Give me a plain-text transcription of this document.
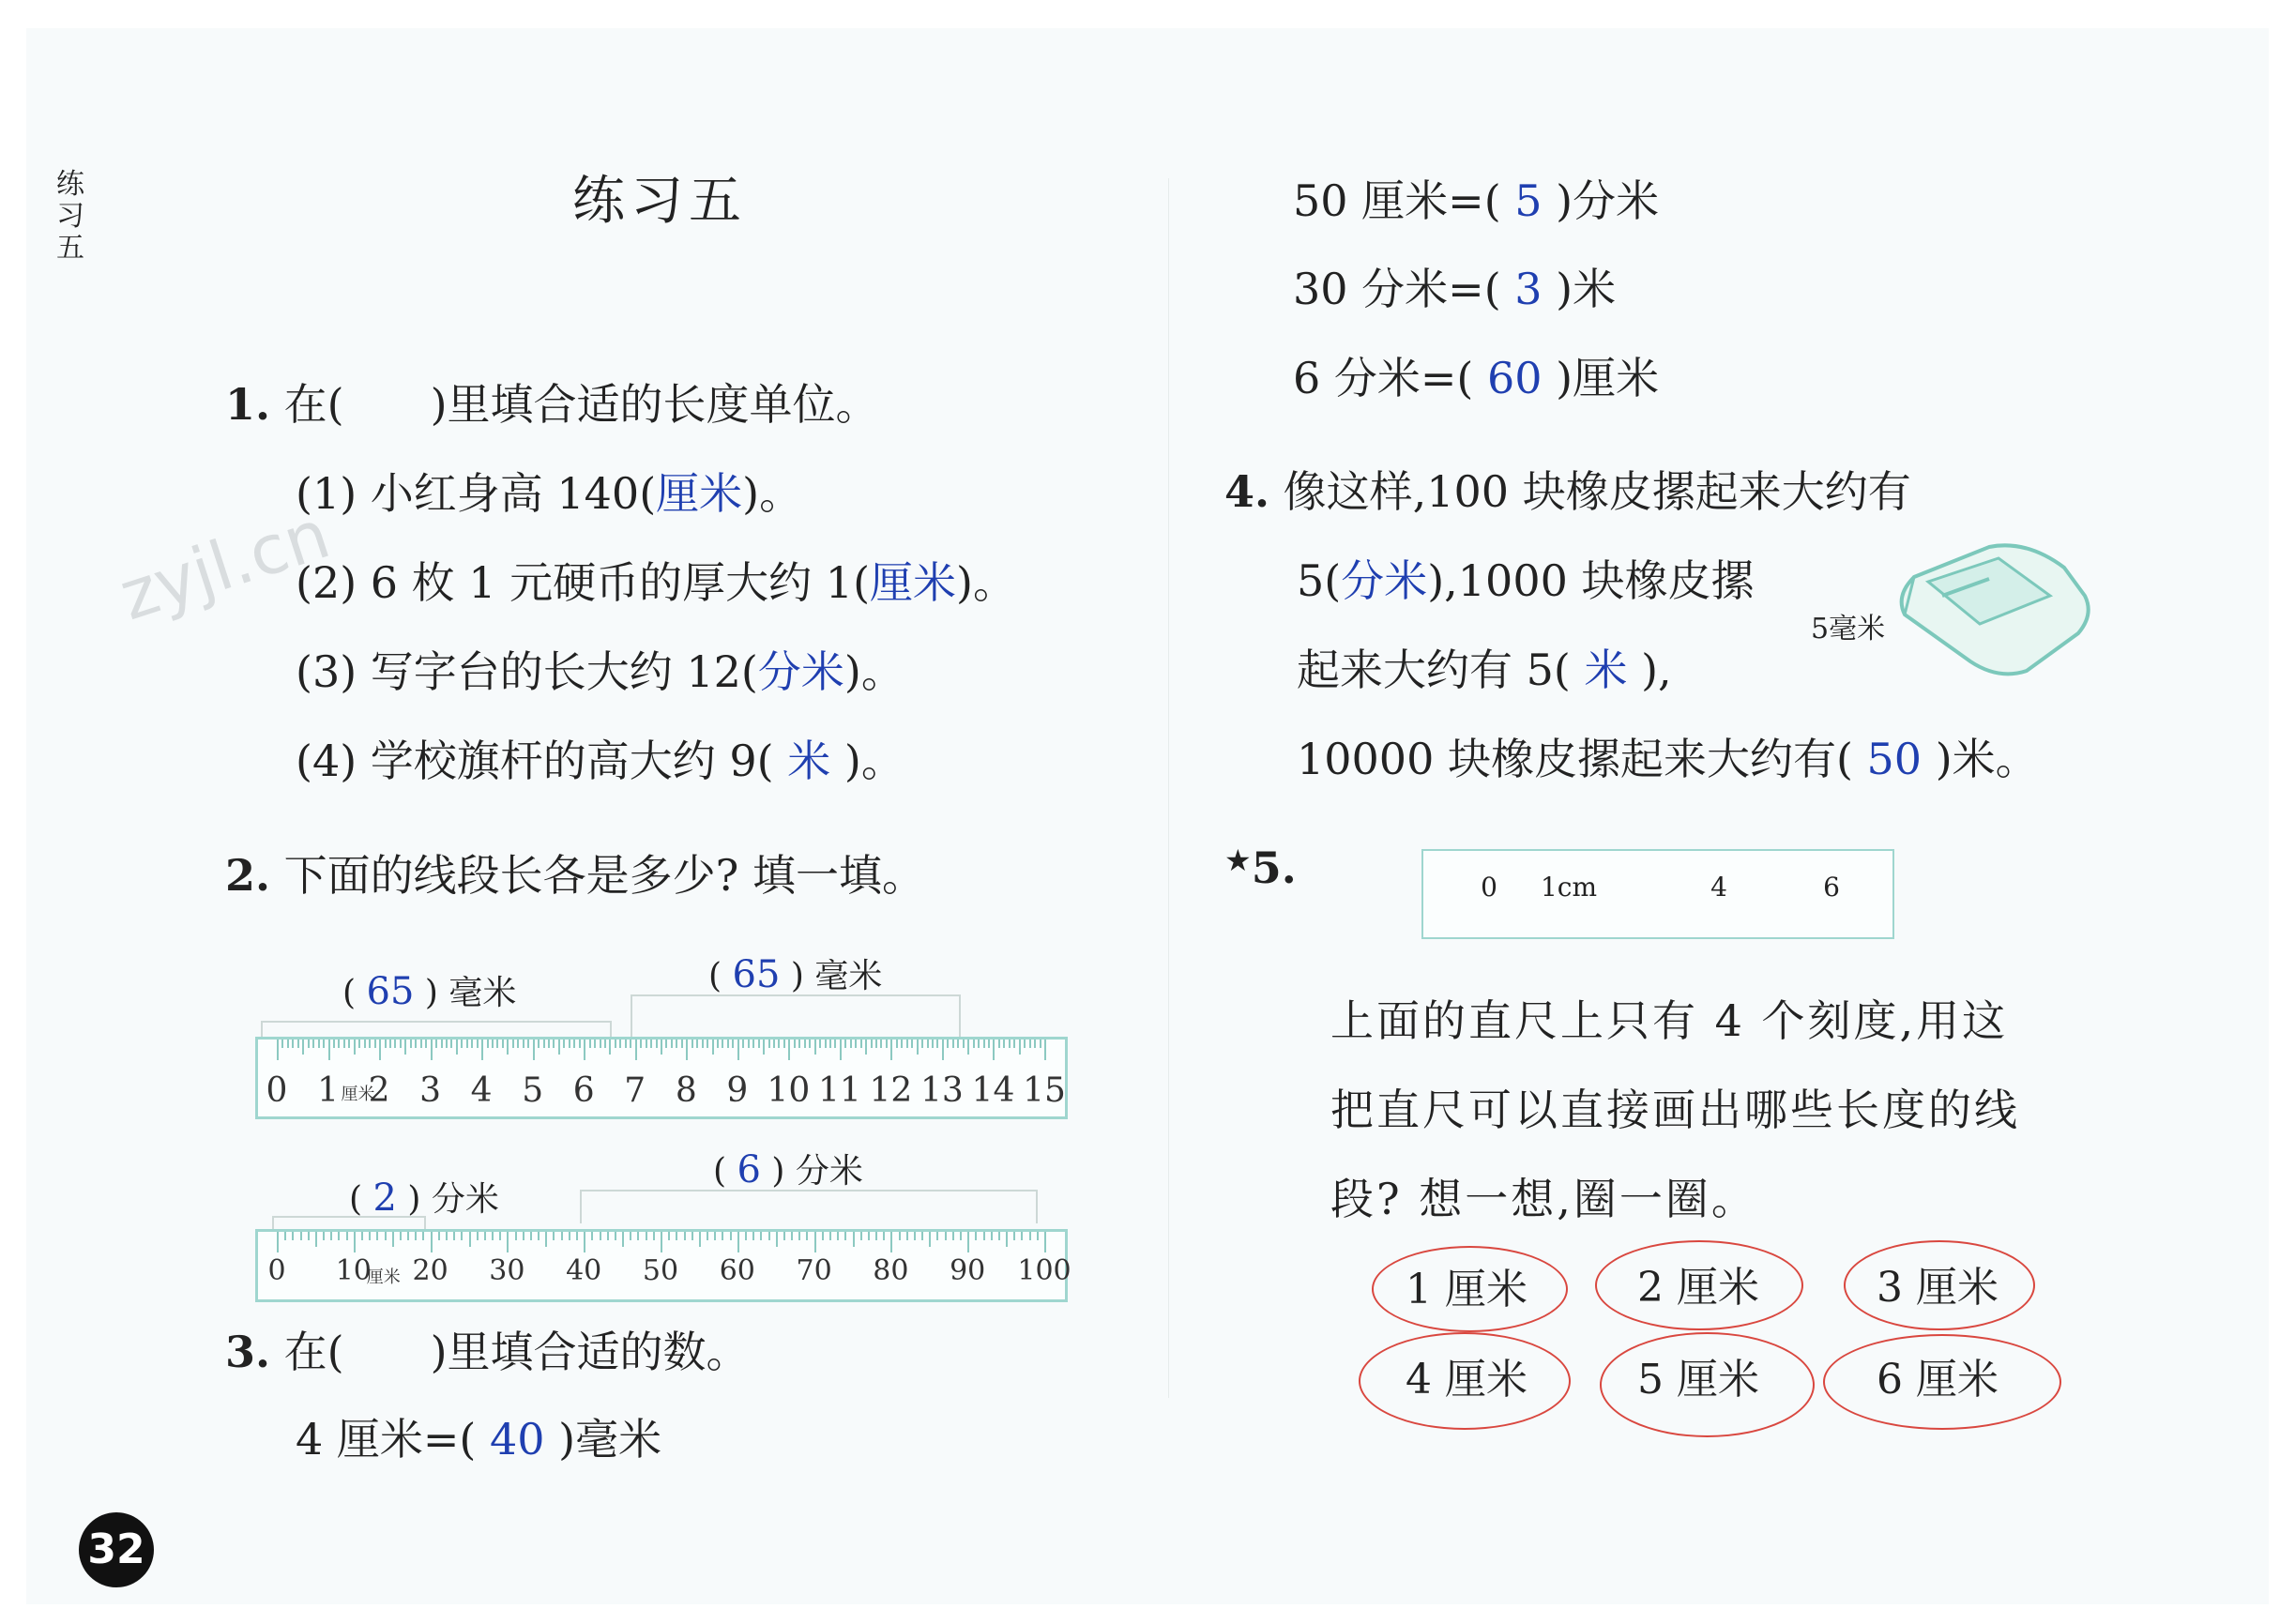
练习五
练习五
zyjl.cn
1. 在(　　)里填合适的长度单位。
(1) 小红身高 140(厘米)。
(2) 6 枚 1 元硬币的厚大约 1(厘米)。
(3) 写字台的长大约 12(分米)。
(4) 学校旗杆的高大约 9( 米 )。
2. 下面的线段长各是多少? 填一填。
( 65 ) 毫米	( 65 ) 毫米
0 1 2 3 4 5 6 7 8 9 10 11 12 13 14 15
厘米
( 2 ) 分米
( 6 ) 分米
0 10 20 30 40 50 60 70 80 90 100
厘米
3. 在(　　)里填合适的数。
4 厘米=( 40 )毫米
50 厘米=( 5 )分米
30 分米=( 3 )米
6 分米=( 60 )厘米
4. 像这样,100 块橡皮摞起来大约有
5(分米),1000 块橡皮摞
起来大约有 5( 米 ),
10000 块橡皮摞起来大约有( 50 )米。
5毫米
★5.	0 1cm	4	6
上面的直尺上只有 4 个刻度,用这
把直尺可以直接画出哪些长度的线
段? 想一想,圈一圈。
1 厘米	2 厘米	3 厘米
4 厘米	5 厘米	6 厘米
32
